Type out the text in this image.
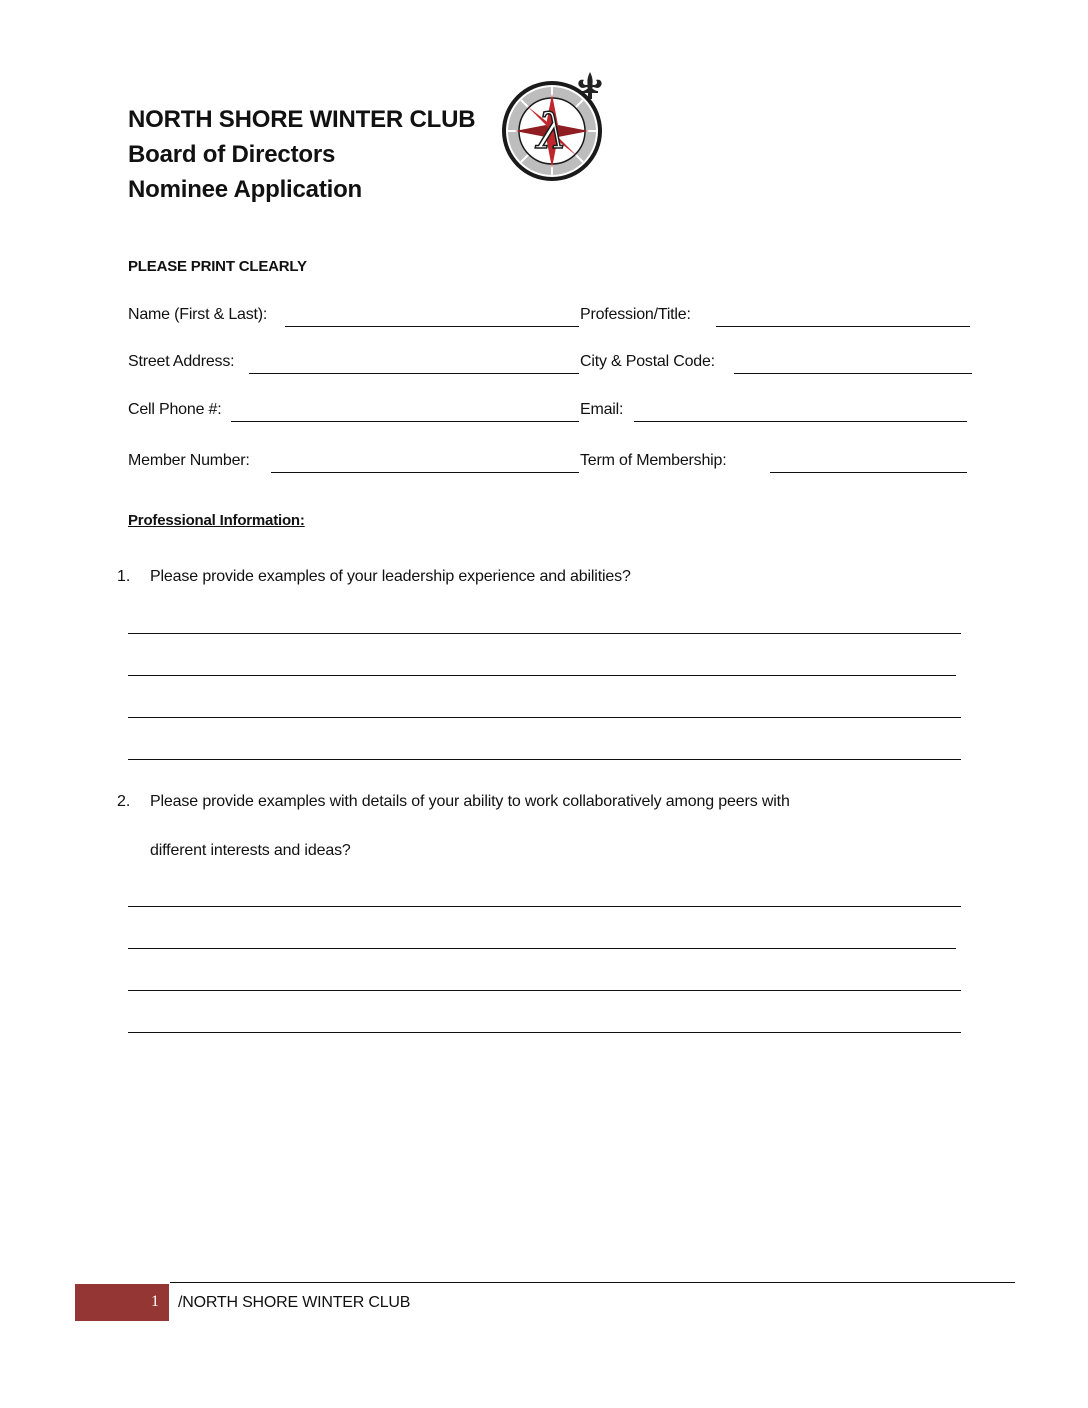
NORTH SHORE WINTER CLUB
Board of Directors
Nominee Application
λ
PLEASE PRINT CLEARLY
Name (First & Last):	Profession/Title:
Street Address:	City & Postal Code:
Cell Phone #:	Email:
Member Number:	Term of Membership:
Professional Information:
1. Please provide examples of your leadership experience and abilities?
2. Please provide examples with details of your ability to work collaboratively among peers with
different interests and ideas?
1 /NORTH SHORE WINTER CLUB
